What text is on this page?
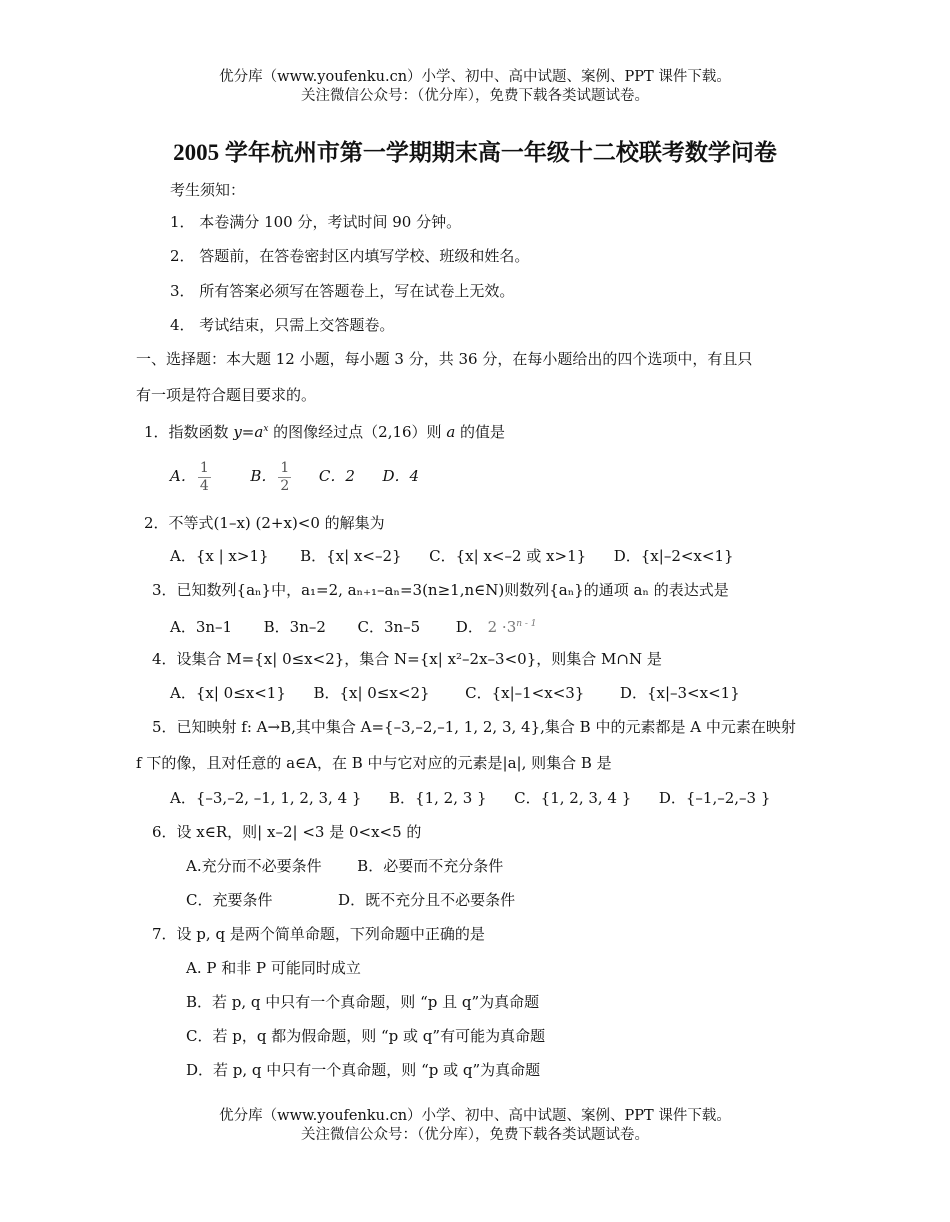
优分库（www.youfenku.cn）小学、初中、高中试题、案例、PPT 课件下载。
关注微信公众号：（优分库），免费下载各类试题试卷。
2005 学年杭州市第一学期期末高一年级十二校联考数学问卷
考生须知：
1． 本卷满分 100 分，考试时间 90 分钟。
2． 答题前，在答卷密封区内填写学校、班级和姓名。
3． 所有答案必须写在答题卷上，写在试卷上无效。
4． 考试结束，只需上交答题卷。
一、选择题：本大题 12 小题，每小题 3 分，共 36 分，在每小题给出的四个选项中，有且只
有一项是符合题目要求的。
1．指数函数 $y=a^x$ 的图像经过点（2,16）则 a 的值是
A． $\frac{1}{4}$	B． $\frac{1}{2}$ C．2 D．4
2．不等式(1–x) (2+x)<0 的解集为
A．{x | x>1} B．{x| x<–2} C．{x| x<–2 或 x>1} D．{x|–2<x<1}
3．已知数列{aₙ}中，a₁=2, aₙ₊₁–aₙ=3(n≥1,n∈N)则数列{aₙ}的通项 aₙ 的表达式是
A．3n–1 B．3n–2 C．3n–5 D． $2 \cdot 3^{n - 1}$
4．设集合 M={x| 0≤x<2}，集合 N={x| x²–2x–3<0}，则集合 M∩N 是
A．{x| 0≤x<1} B．{x| 0≤x<2} C．{x|–1<x<3} D．{x|–3<x<1}
5．已知映射 f: A→B,其中集合 A={–3,–2,–1, 1, 2, 3, 4},集合 B 中的元素都是 A 中元素在映射
f 下的像，且对任意的 a∈A，在 B 中与它对应的元素是|a|, 则集合 B 是
A．{–3,–2, –1, 1, 2, 3, 4 } B．{1, 2, 3 } C．{1, 2, 3, 4 } D．{–1,–2,–3 }
6．设 x∈R，则| x–2| <3 是 0<x<5 的
A.充分而不必要条件 B．必要而不充分条件
C．充要条件	D．既不充分且不必要条件
7．设 p, q 是两个简单命题，下列命题中正确的是
A. P 和非 P 可能同时成立
B．若 p, q 中只有一个真命题，则 “p 且 q”为真命题
C．若 p，q 都为假命题，则 “p 或 q”有可能为真命题
D．若 p, q 中只有一个真命题，则 “p 或 q”为真命题
优分库（www.youfenku.cn）小学、初中、高中试题、案例、PPT 课件下载。
关注微信公众号：（优分库），免费下载各类试题试卷。
